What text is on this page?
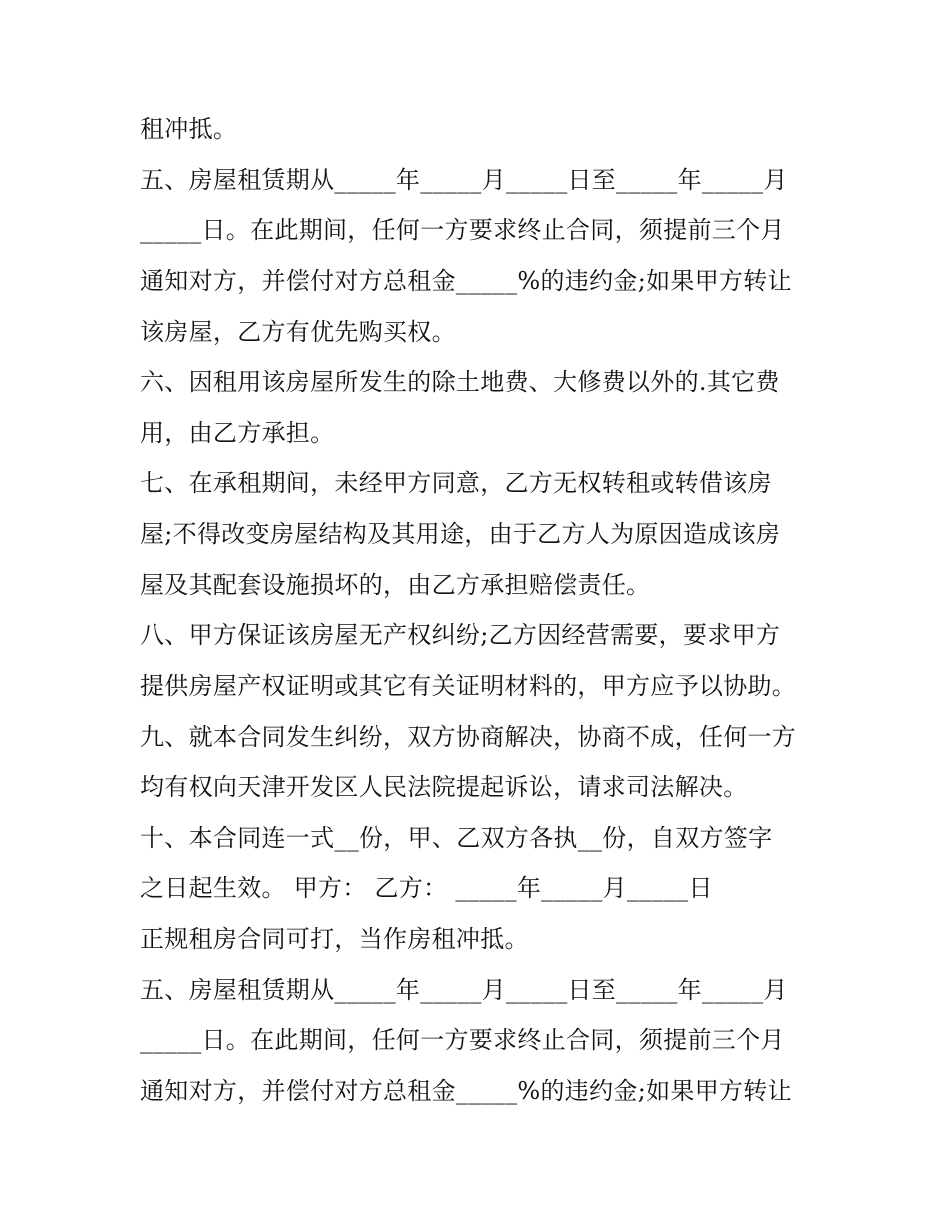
租冲抵。
五、房屋租赁期从_____年_____月_____日至_____年_____月
_____日。在此期间，任何一方要求终止合同，须提前三个月
通知对方，并偿付对方总租金_____%的违约金;如果甲方转让
该房屋，乙方有优先购买权。
六、因租用该房屋所发生的除土地费、大修费以外的.其它费
用，由乙方承担。
七、在承租期间，未经甲方同意，乙方无权转租或转借该房
屋;不得改变房屋结构及其用途，由于乙方人为原因造成该房
屋及其配套设施损坏的，由乙方承担赔偿责任。
八、甲方保证该房屋无产权纠纷;乙方因经营需要，要求甲方
提供房屋产权证明或其它有关证明材料的，甲方应予以协助。
九、就本合同发生纠纷，双方协商解决，协商不成，任何一方
均有权向天津开发区人民法院提起诉讼，请求司法解决。
十、本合同连一式__份，甲、乙双方各执__份，自双方签字
之日起生效。 甲方： 乙方： _____年_____月_____日
正规租房合同可打，当作房租冲抵。
五、房屋租赁期从_____年_____月_____日至_____年_____月
_____日。在此期间，任何一方要求终止合同，须提前三个月
通知对方，并偿付对方总租金_____%的违约金;如果甲方转让
